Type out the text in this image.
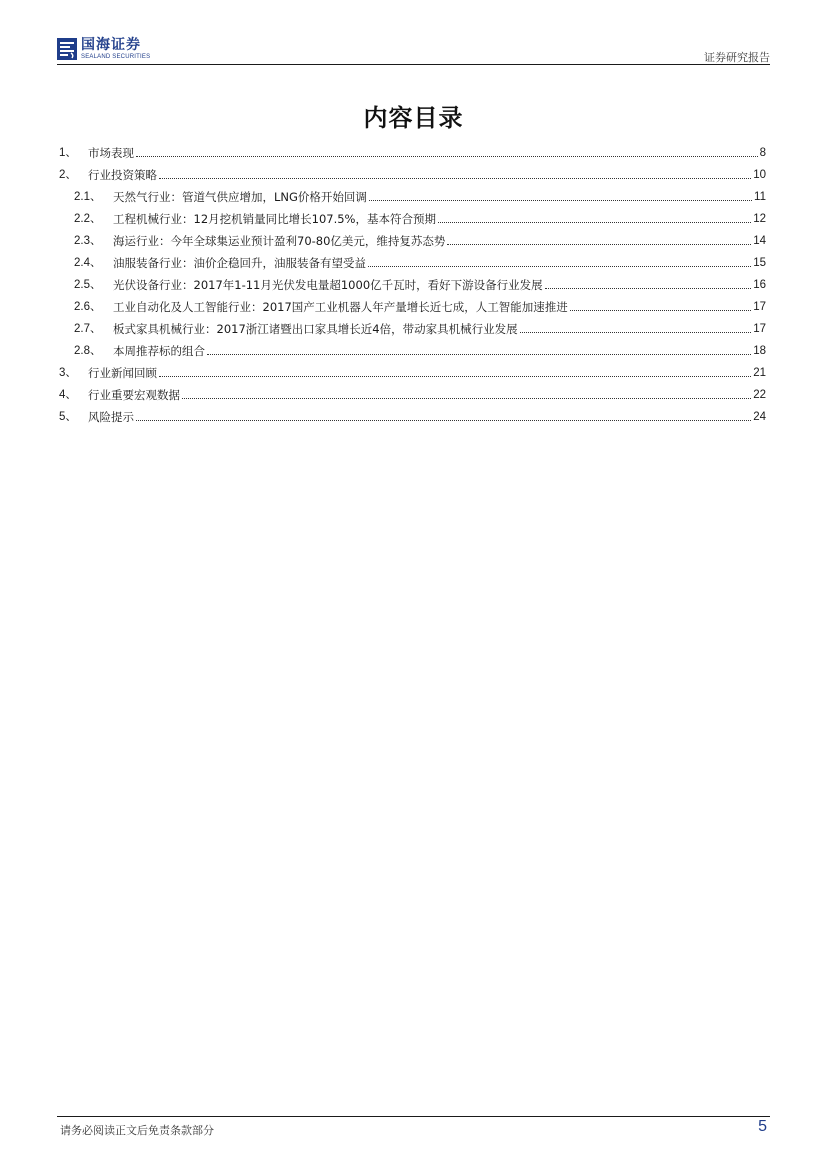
国海证券
SEALAND SECURITIES	证券研究报告
内容目录
1、 市场表现	8
2、 行业投资策略	10
2.1、	天然气行业：管道气供应增加，LNG价格开始回调	11
2.2、	工程机械行业：12月挖机销量同比增长107.5%，基本符合预期	12
2.3、	海运行业：今年全球集运业预计盈利70-80亿美元，维持复苏态势	14
2.4、	油服装备行业：油价企稳回升，油服装备有望受益	15
2.5、	光伏设备行业：2017年1-11月光伏发电量超1000亿千瓦时，看好下游设备行业发展	16
2.6、	工业自动化及人工智能行业：2017国产工业机器人年产量增长近七成，人工智能加速推进	17
2.7、	板式家具机械行业：2017浙江诸暨出口家具增长近4倍，带动家具机械行业发展	17
2.8、	本周推荐标的组合	18
3、 行业新闻回顾	21
4、 行业重要宏观数据	22
5、 风险提示	24
请务必阅读正文后免责条款部分	5
